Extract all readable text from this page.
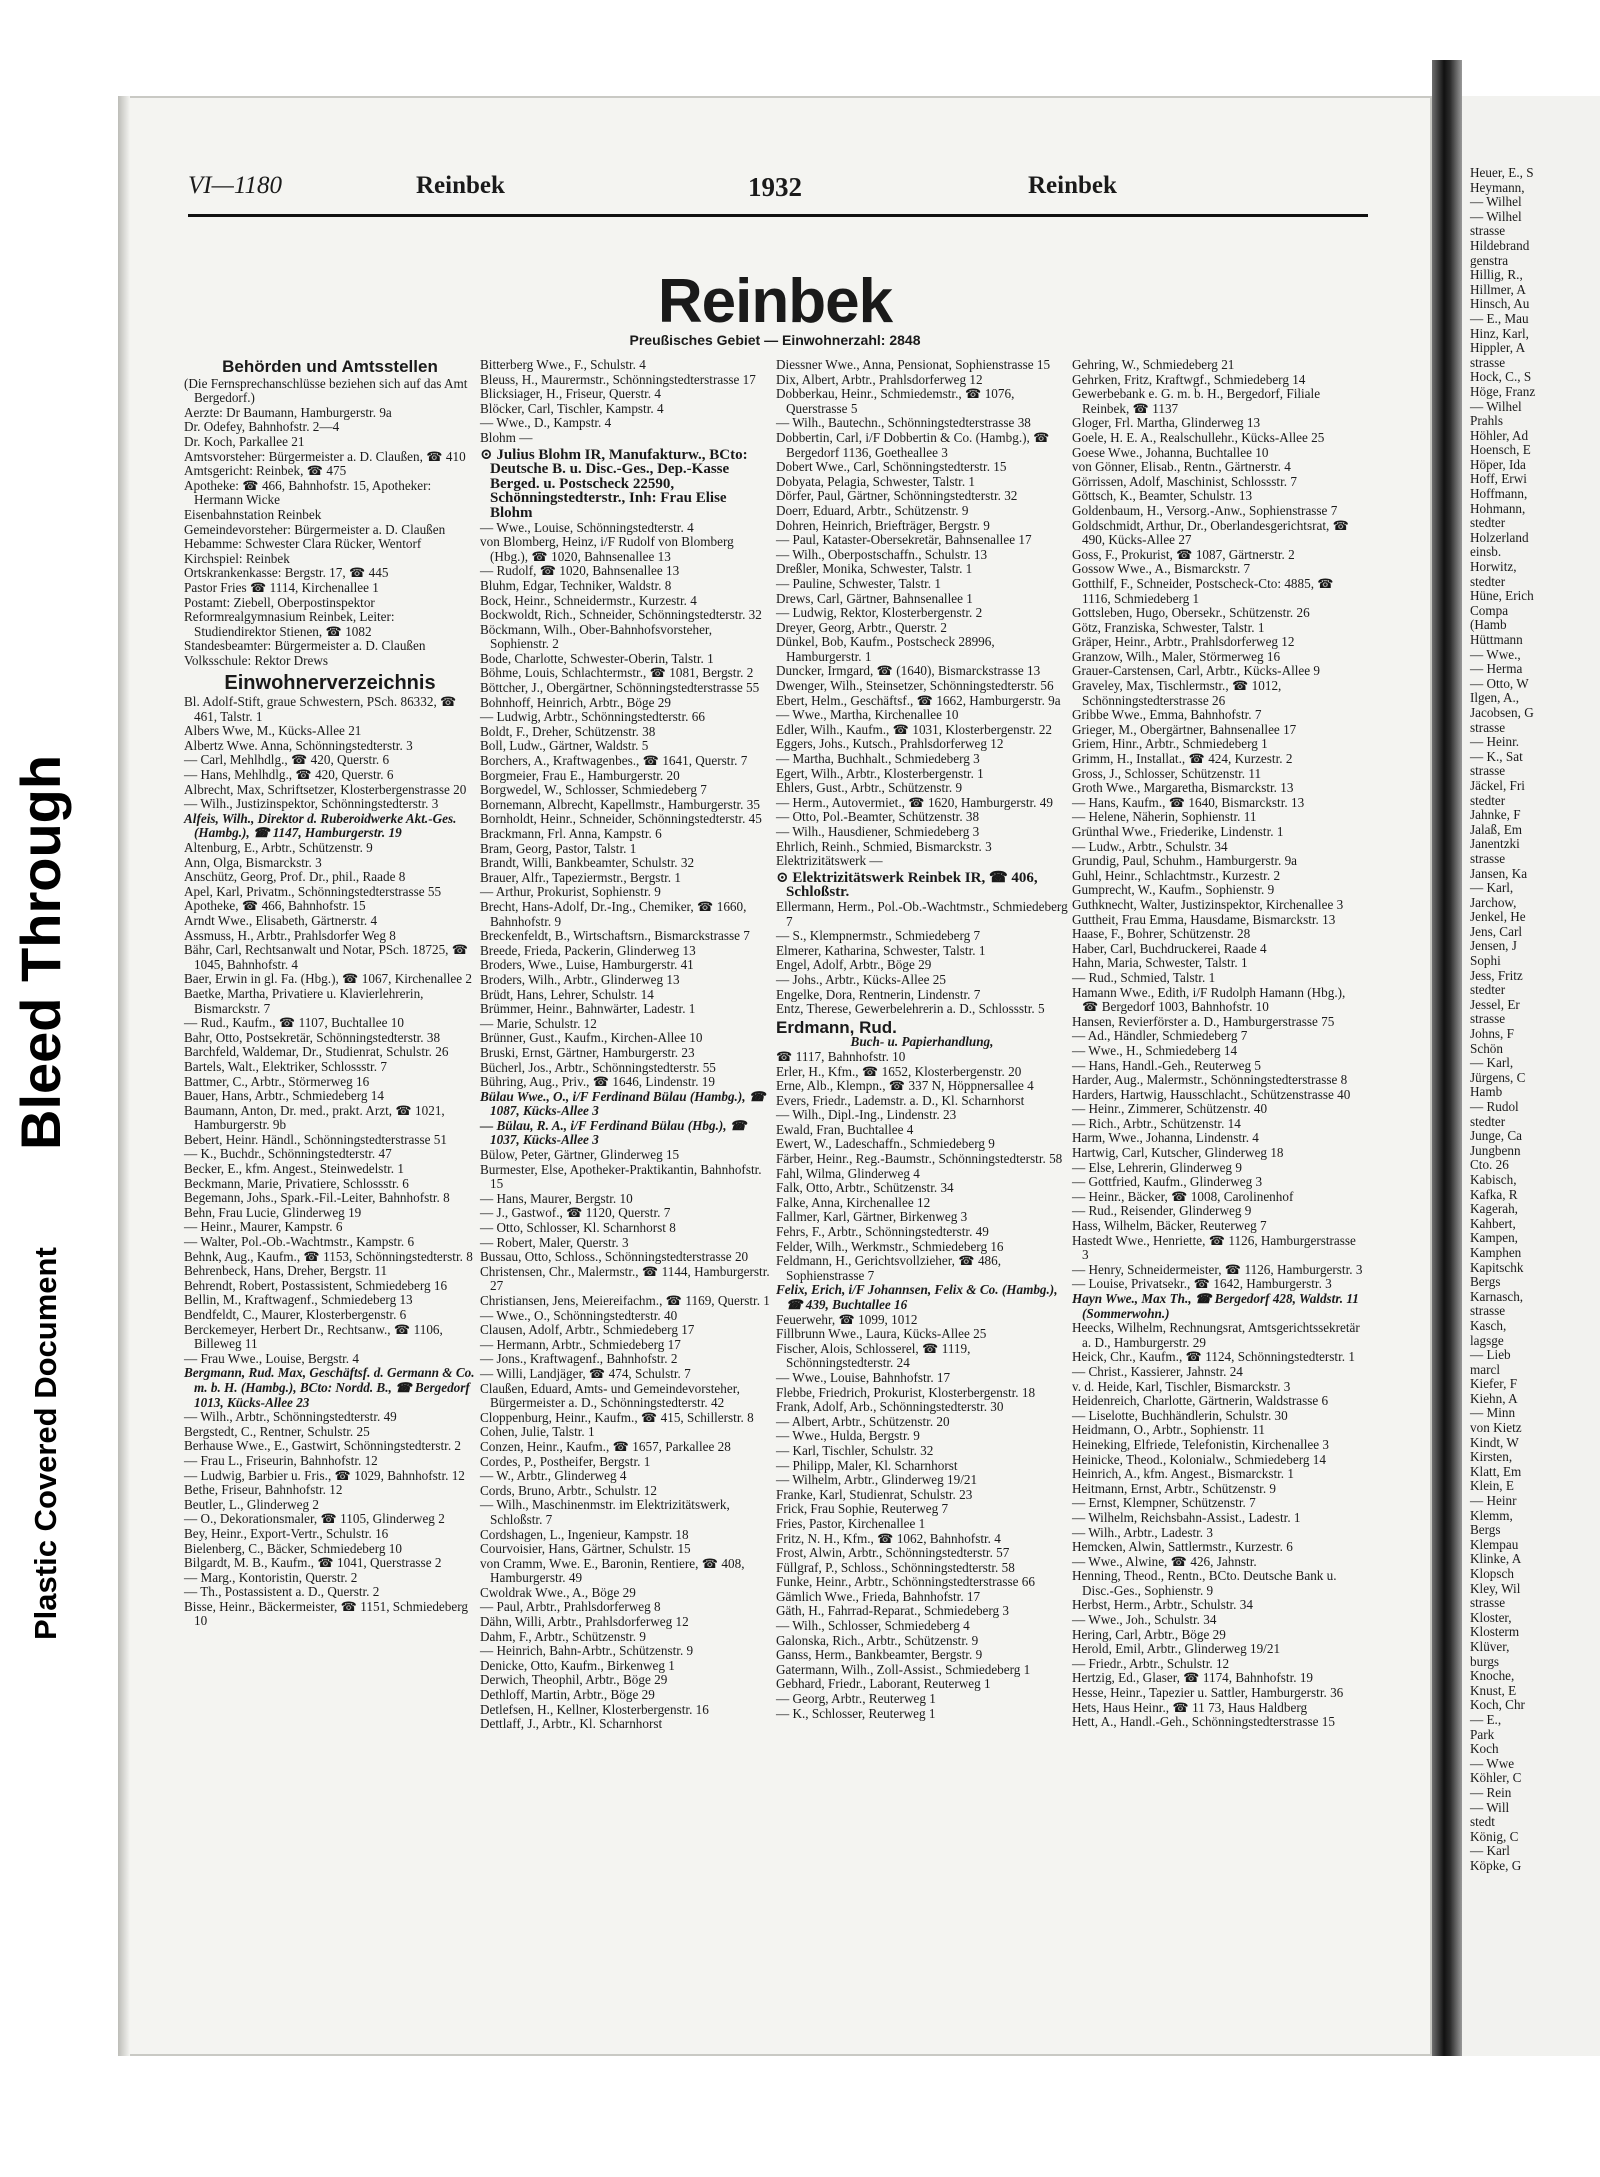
Bleed Through
Plastic Covered Document
VI—1180	Reinbek	1932	Reinbek
Reinbek
Preußisches Gebiet — Einwohnerzahl: 2848
Behörden und Amtsstellen

(Die Fernsprechanschlüsse beziehen sich auf das Amt Bergedorf.)

Aerzte: Dr Baumann, Hamburgerstr. 9a

Dr. Odefey, Bahnhofstr. 2—4

Dr. Koch, Parkallee 21

Amtsvorsteher: Bürgermeister a. D. Claußen, ☎ 410

Amtsgericht: Reinbek, ☎ 475

Apotheke: ☎ 466, Bahnhofstr. 15, Apotheker: Hermann Wicke

Eisenbahnstation Reinbek

Gemeindevorsteher: Bürgermeister a. D. Claußen

Hebamme: Schwester Clara Rücker, Wentorf

Kirchspiel: Reinbek

Ortskrankenkasse: Bergstr. 17, ☎ 445

Pastor Fries ☎ 1114, Kirchenallee 1

Postamt: Ziebell, Oberpostinspektor

Reformrealgymnasium Reinbek, Leiter: Studiendirektor Stienen, ☎ 1082

Standesbeamter: Bürgermeister a. D. Claußen

Volksschule: Rektor Drews

Einwohnerverzeichnis

Bl. Adolf-Stift, graue Schwestern, PSch. 86332, ☎ 461, Talstr. 1

Albers Wwe, M., Kücks-Allee 21

Albertz Wwe. Anna, Schönningstedterstr. 3

— Carl, Mehlhdlg., ☎ 420, Querstr. 6

— Hans, Mehlhdlg., ☎ 420, Querstr. 6

Albrecht, Max, Schriftsetzer, Klosterbergenstrasse 20

— Wilh., Justizinspektor, Schönningstedterstr. 3

Alfeis, Wilh., Direktor d. Ruberoidwerke Akt.-Ges. (Hambg.), ☎ 1147, Hamburgerstr. 19

Altenburg, E., Arbtr., Schützenstr. 9

Ann, Olga, Bismarckstr. 3

Anschütz, Georg, Prof. Dr., phil., Raade 8

Apel, Karl, Privatm., Schönningstedterstrasse 55

Apotheke, ☎ 466, Bahnhofstr. 15

Arndt Wwe., Elisabeth, Gärtnerstr. 4

Assmuss, H., Arbtr., Prahlsdorfer Weg 8

Bähr, Carl, Rechtsanwalt und Notar, PSch. 18725, ☎ 1045, Bahnhofstr. 4

Baer, Erwin in gl. Fa. (Hbg.), ☎ 1067, Kirchenallee 2

Baetke, Martha, Privatiere u. Klavierlehrerin, Bismarckstr. 7

— Rud., Kaufm., ☎ 1107, Buchtallee 10

Bahr, Otto, Postsekretär, Schönningstedterstr. 38

Barchfeld, Waldemar, Dr., Studienrat, Schulstr. 26

Bartels, Walt., Elektriker, Schlossstr. 7

Battmer, C., Arbtr., Störmerweg 16

Bauer, Hans, Arbtr., Schmiedeberg 14

Baumann, Anton, Dr. med., prakt. Arzt, ☎ 1021, Hamburgerstr. 9b

Bebert, Heinr. Händl., Schönningstedterstrasse 51

— K., Buchdr., Schönningstedterstr. 47

Becker, E., kfm. Angest., Steinwedelstr. 1

Beckmann, Marie, Privatiere, Schlossstr. 6

Begemann, Johs., Spark.-Fil.-Leiter, Bahnhofstr. 8

Behn, Frau Lucie, Glinderweg 19

— Heinr., Maurer, Kampstr. 6

— Walter, Pol.-Ob.-Wachtmstr., Kampstr. 6

Behnk, Aug., Kaufm., ☎ 1153, Schönningstedterstr. 8

Behrenbeck, Hans, Dreher, Bergstr. 11

Behrendt, Robert, Postassistent, Schmiedeberg 16

Bellin, M., Kraftwagenf., Schmiedeberg 13

Bendfeldt, C., Maurer, Klosterbergenstr. 6

Berckemeyer, Herbert Dr., Rechtsanw., ☎ 1106, Billeweg 11

— Frau Wwe., Louise, Bergstr. 4

Bergmann, Rud. Max, Geschäftsf. d. Germann & Co. m. b. H. (Hambg.), BCto: Nordd. B., ☎ Bergedorf 1013, Kücks-Allee 23

— Wilh., Arbtr., Schönningstedterstr. 49

Bergstedt, C., Rentner, Schulstr. 25

Berhause Wwe., E., Gastwirt, Schönningstedterstr. 2

— Frau L., Friseurin, Bahnhofstr. 12

— Ludwig, Barbier u. Fris., ☎ 1029, Bahnhofstr. 12

Bethe, Friseur, Bahnhofstr. 12

Beutler, L., Glinderweg 2

— O., Dekorationsmaler, ☎ 1105, Glinderweg 2

Bey, Heinr., Export-Vertr., Schulstr. 16

Bielenberg, C., Bäcker, Schmiedeberg 10

Bilgardt, M. B., Kaufm., ☎ 1041, Querstrasse 2

— Marg., Kontoristin, Querstr. 2

— Th., Postassistent a. D., Querstr. 2

Bisse, Heinr., Bäckermeister, ☎ 1151, Schmiedeberg 10

Bitterberg Wwe., F., Schulstr. 4

Bleuss, H., Maurermstr., Schönningstedterstrasse 17

Blicksiager, H., Friseur, Querstr. 4

Blöcker, Carl, Tischler, Kampstr. 4

— Wwe., D., Kampstr. 4

Blohm —

⊙ Julius Blohm IR, Manufakturw., BCto: Deutsche B. u. Disc.-Ges., Dep.-Kasse Berged. u. Postscheck 22590, Schönningstedterstr., Inh: Frau Elise Blohm

— Wwe., Louise, Schönningstedterstr. 4

von Blomberg, Heinz, i/F Rudolf von Blomberg (Hbg.), ☎ 1020, Bahnsenallee 13

— Rudolf, ☎ 1020, Bahnsenallee 13

Bluhm, Edgar, Techniker, Waldstr. 8

Bock, Heinr., Schneidermstr., Kurzestr. 4

Bockwoldt, Rich., Schneider, Schönningstedterstr. 32

Böckmann, Wilh., Ober-Bahnhofsvorsteher, Sophienstr. 2

Bode, Charlotte, Schwester-Oberin, Talstr. 1

Böhme, Louis, Schlachtermstr., ☎ 1081, Bergstr. 2

Böttcher, J., Obergärtner, Schönningstedterstrasse 55

Bohnhoff, Heinrich, Arbtr., Böge 29

— Ludwig, Arbtr., Schönningstedterstr. 66

Boldt, F., Dreher, Schützenstr. 38

Boll, Ludw., Gärtner, Waldstr. 5

Borchers, A., Kraftwagenbes., ☎ 1641, Querstr. 7

Borgmeier, Frau E., Hamburgerstr. 20

Borgwedel, W., Schlosser, Schmiedeberg 7

Bornemann, Albrecht, Kapellmstr., Hamburgerstr. 35

Bornholdt, Heinr., Schneider, Schönningstedterstr. 45

Brackmann, Frl. Anna, Kampstr. 6

Bram, Georg, Pastor, Talstr. 1

Brandt, Willi, Bankbeamter, Schulstr. 32

Brauer, Alfr., Tapeziermstr., Bergstr. 1

— Arthur, Prokurist, Sophienstr. 9

Brecht, Hans-Adolf, Dr.-Ing., Chemiker, ☎ 1660, Bahnhofstr. 9

Breckenfeldt, B., Wirtschaftsrn., Bismarckstrasse 7

Breede, Frieda, Packerin, Glinderweg 13

Broders, Wwe., Luise, Hamburgerstr. 41

Broders, Wilh., Arbtr., Glinderweg 13

Brüdt, Hans, Lehrer, Schulstr. 14

Brümmer, Heinr., Bahnwärter, Ladestr. 1

— Marie, Schulstr. 12

Brünner, Gust., Kaufm., Kirchen-Allee 10

Bruski, Ernst, Gärtner, Hamburgerstr. 23

Bücherl, Jos., Arbtr., Schönningstedterstr. 55

Bühring, Aug., Priv., ☎ 1646, Lindenstr. 19

Bülau Wwe., O., i/F Ferdinand Bülau (Hambg.), ☎ 1087, Kücks-Allee 3

— Bülau, R. A., i/F Ferdinand Bülau (Hbg.), ☎ 1037, Kücks-Allee 3

Bülow, Peter, Gärtner, Glinderweg 15

Burmester, Else, Apotheker-Praktikantin, Bahnhofstr. 15

— Hans, Maurer, Bergstr. 10

— J., Gastwof., ☎ 1120, Querstr. 7

— Otto, Schlosser, Kl. Scharnhorst 8

— Robert, Maler, Querstr. 3

Bussau, Otto, Schloss., Schönningstedterstrasse 20

Christensen, Chr., Malermstr., ☎ 1144, Hamburgerstr. 27

Christiansen, Jens, Meiereifachm., ☎ 1169, Querstr. 1

— Wwe., O., Schönningstedterstr. 40

Clausen, Adolf, Arbtr., Schmiedeberg 17

— Hermann, Arbtr., Schmiedeberg 17

— Jons., Kraftwagenf., Bahnhofstr. 2

— Willi, Landjäger, ☎ 474, Schulstr. 7

Claußen, Eduard, Amts- und Gemeindevorsteher, Bürgermeister a. D., Schönningstedterstr. 42

Cloppenburg, Heinr., Kaufm., ☎ 415, Schillerstr. 8

Cohen, Julie, Talstr. 1

Conzen, Heinr., Kaufm., ☎ 1657, Parkallee 28

Cordes, P., Postheifer, Bergstr. 1

— W., Arbtr., Glinderweg 4

Cords, Bruno, Arbtr., Schulstr. 12

— Wilh., Maschinenmstr. im Elektrizitätswerk, Schloßstr. 7

Cordshagen, L., Ingenieur, Kampstr. 18

Courvoisier, Hans, Gärtner, Schulstr. 15

von Cramm, Wwe. E., Baronin, Rentiere, ☎ 408, Hamburgerstr. 49

Cwoldrak Wwe., A., Böge 29

— Paul, Arbtr., Prahlsdorferweg 8

Dähn, Willi, Arbtr., Prahlsdorferweg 12

Dahm, F., Arbtr., Schützenstr. 9

— Heinrich, Bahn-Arbtr., Schützenstr. 9

Denicke, Otto, Kaufm., Birkenweg 1

Derwich, Theophil, Arbtr., Böge 29

Dethloff, Martin, Arbtr., Böge 29

Detlefsen, H., Kellner, Klosterbergenstr. 16

Dettlaff, J., Arbtr., Kl. Scharnhorst

Diessner Wwe., Anna, Pensionat, Sophienstrasse 15

Dix, Albert, Arbtr., Prahlsdorferweg 12

Dobberkau, Heinr., Schmiedemstr., ☎ 1076, Querstrasse 5

— Wilh., Bautechn., Schönningstedterstrasse 38

Dobbertin, Carl, i/F Dobbertin & Co. (Hambg.), ☎ Bergedorf 1136, Goetheallee 3

Dobert Wwe., Carl, Schönningstedterstr. 15

Dobyata, Pelagia, Schwester, Talstr. 1

Dörfer, Paul, Gärtner, Schönningstedterstr. 32

Doerr, Eduard, Arbtr., Schützenstr. 9

Dohren, Heinrich, Briefträger, Bergstr. 9

— Paul, Kataster-Obersekretär, Bahnsenallee 17

— Wilh., Oberpostschaffn., Schulstr. 13

Dreßler, Monika, Schwester, Talstr. 1

— Pauline, Schwester, Talstr. 1

Drews, Carl, Gärtner, Bahnsenallee 1

— Ludwig, Rektor, Klosterbergenstr. 2

Dreyer, Georg, Arbtr., Querstr. 2

Dünkel, Bob, Kaufm., Postscheck 28996, Hamburgerstr. 1

Duncker, Irmgard, ☎ (1640), Bismarckstrasse 13

Dwenger, Wilh., Steinsetzer, Schönningstedterstr. 56

Ebert, Helm., Geschäftsf., ☎ 1662, Hamburgerstr. 9a

— Wwe., Martha, Kirchenallee 10

Edler, Wilh., Kaufm., ☎ 1031, Klosterbergenstr. 22

Eggers, Johs., Kutsch., Prahlsdorferweg 12

— Martha, Buchhalt., Schmiedeberg 3

Egert, Wilh., Arbtr., Klosterbergenstr. 1

Ehlers, Gust., Arbtr., Schützenstr. 9

— Herm., Autovermiet., ☎ 1620, Hamburgerstr. 49

— Otto, Pol.-Beamter, Schützenstr. 38

— Wilh., Hausdiener, Schmiedeberg 3

Ehrlich, Reinh., Schmied, Bismarckstr. 3

Elektrizitätswerk —

⊙ Elektrizitätswerk Reinbek IR, ☎ 406, Schloßstr.

Ellermann, Herm., Pol.-Ob.-Wachtmstr., Schmiedeberg 7

— S., Klempnermstr., Schmiedeberg 7

Elmerer, Katharina, Schwester, Talstr. 1

Engel, Adolf, Arbtr., Böge 29

— Johs., Arbtr., Kücks-Allee 25

Engelke, Dora, Rentnerin, Lindenstr. 7

Entz, Therese, Gewerbelehrerin a. D., Schlossstr. 5

Erdmann, Rud.

Buch- u. Papierhandlung,

☎ 1117, Bahnhofstr. 10

Erler, H., Kfm., ☎ 1652, Klosterbergenstr. 20

Erne, Alb., Klempn., ☎ 337 N, Höppnersallee 4

Evers, Friedr., Lademstr. a. D., Kl. Scharnhorst

— Wilh., Dipl.-Ing., Lindenstr. 23

Ewald, Fran, Buchtallee 4

Ewert, W., Ladeschaffn., Schmiedeberg 9

Färber, Heinr., Reg.-Baumstr., Schönningstedterstr. 58

Fahl, Wilma, Glinderweg 4

Falk, Otto, Arbtr., Schützenstr. 34

Falke, Anna, Kirchenallee 12

Fallmer, Karl, Gärtner, Birkenweg 3

Fehrs, F., Arbtr., Schönningstedterstr. 49

Felder, Wilh., Werkmstr., Schmiedeberg 16

Feldmann, H., Gerichtsvollzieher, ☎ 486, Sophienstrasse 7

Felix, Erich, i/F Johannsen, Felix & Co. (Hambg.), ☎ 439, Buchtallee 16

Feuerwehr, ☎ 1099, 1012

Fillbrunn Wwe., Laura, Kücks-Allee 25

Fischer, Alois, Schlosserel, ☎ 1119, Schönningstedterstr. 24

— Wwe., Louise, Bahnhofstr. 17

Flebbe, Friedrich, Prokurist, Klosterbergenstr. 18

Frank, Adolf, Arb., Schönningstedterstr. 30

— Albert, Arbtr., Schützenstr. 20

— Wwe., Hulda, Bergstr. 9

— Karl, Tischler, Schulstr. 32

— Philipp, Maler, Kl. Scharnhorst

— Wilhelm, Arbtr., Glinderweg 19/21

Franke, Karl, Studienrat, Schulstr. 23

Frick, Frau Sophie, Reuterweg 7

Fries, Pastor, Kirchenallee 1

Fritz, N. H., Kfm., ☎ 1062, Bahnhofstr. 4

Frost, Alwin, Arbtr., Schönningstedterstr. 57

Füllgraf, P., Schloss., Schönningstedterstr. 58

Funke, Heinr., Arbtr., Schönningstedterstrasse 66

Gämlich Wwe., Frieda, Bahnhofstr. 17

Gäth, H., Fahrrad-Reparat., Schmiedeberg 3

— Wilh., Schlosser, Schmiedeberg 4

Galonska, Rich., Arbtr., Schützenstr. 9

Ganss, Herm., Bankbeamter, Bergstr. 9

Gatermann, Wilh., Zoll-Assist., Schmiedeberg 1

Gebhard, Friedr., Laborant, Reuterweg 1

— Georg, Arbtr., Reuterweg 1

— K., Schlosser, Reuterweg 1

Gehring, W., Schmiedeberg 21

Gehrken, Fritz, Kraftwgf., Schmiedeberg 14

Gewerbebank e. G. m. b. H., Bergedorf, Filiale Reinbek, ☎ 1137

Gloger, Frl. Martha, Glinderweg 13

Goele, H. E. A., Realschullehr., Kücks-Allee 25

Goese Wwe., Johanna, Buchtallee 10

von Gönner, Elisab., Rentn., Gärtnerstr. 4

Görrissen, Adolf, Maschinist, Schlossstr. 7

Göttsch, K., Beamter, Schulstr. 13

Goldenbaum, H., Versorg.-Anw., Sophienstrasse 7

Goldschmidt, Arthur, Dr., Oberlandesgerichtsrat, ☎ 490, Kücks-Allee 27

Goss, F., Prokurist, ☎ 1087, Gärtnerstr. 2

Gossow Wwe., A., Bismarckstr. 7

Gotthilf, F., Schneider, Postscheck-Cto: 4885, ☎ 1116, Schmiedeberg 1

Gottsleben, Hugo, Obersekr., Schützenstr. 26

Götz, Franziska, Schwester, Talstr. 1

Gräper, Heinr., Arbtr., Prahlsdorferweg 12

Granzow, Wilh., Maler, Störmerweg 16

Grauer-Carstensen, Carl, Arbtr., Kücks-Allee 9

Graveley, Max, Tischlermstr., ☎ 1012, Schönningstedterstrasse 26

Gribbe Wwe., Emma, Bahnhofstr. 7

Grieger, M., Obergärtner, Bahnsenallee 17

Griem, Hinr., Arbtr., Schmiedeberg 1

Grimm, H., Installat., ☎ 424, Kurzestr. 2

Gross, J., Schlosser, Schützenstr. 11

Groth Wwe., Margaretha, Bismarckstr. 13

— Hans, Kaufm., ☎ 1640, Bismarckstr. 13

— Helene, Näherin, Sophienstr. 11

Grünthal Wwe., Friederike, Lindenstr. 1

— Ludw., Arbtr., Schulstr. 34

Grundig, Paul, Schuhm., Hamburgerstr. 9a

Guhl, Heinr., Schlachtmstr., Kurzestr. 2

Gumprecht, W., Kaufm., Sophienstr. 9

Guthknecht, Walter, Justizinspektor, Kirchenallee 3

Guttheit, Frau Emma, Hausdame, Bismarckstr. 13

Haase, F., Bohrer, Schützenstr. 28

Haber, Carl, Buchdruckerei, Raade 4

Hahn, Maria, Schwester, Talstr. 1

— Rud., Schmied, Talstr. 1

Hamann Wwe., Edith, i/F Rudolph Hamann (Hbg.), ☎ Bergedorf 1003, Bahnhofstr. 10

Hansen, Revierförster a. D., Hamburgerstrasse 75

— Ad., Händler, Schmiedeberg 7

— Wwe., H., Schmiedeberg 14

— Hans, Handl.-Geh., Reuterweg 5

Harder, Aug., Malermstr., Schönningstedterstrasse 8

Harders, Hartwig, Hausschlacht., Schützenstrasse 40

— Heinr., Zimmerer, Schützenstr. 40

— Rich., Arbtr., Schützenstr. 14

Harm, Wwe., Johanna, Lindenstr. 4

Hartwig, Carl, Kutscher, Glinderweg 18

— Else, Lehrerin, Glinderweg 9

— Gottfried, Kaufm., Glinderweg 3

— Heinr., Bäcker, ☎ 1008, Carolinenhof

— Rud., Reisender, Glinderweg 9

Hass, Wilhelm, Bäcker, Reuterweg 7

Hastedt Wwe., Henriette, ☎ 1126, Hamburgerstrasse 3

— Henry, Schneidermeister, ☎ 1126, Hamburgerstr. 3

— Louise, Privatsekr., ☎ 1642, Hamburgerstr. 3

Hayn Wwe., Max Th., ☎ Bergedorf 428, Waldstr. 11 (Sommerwohn.)

Heecks, Wilhelm, Rechnungsrat, Amtsgerichtssekretär a. D., Hamburgerstr. 29

Heick, Chr., Kaufm., ☎ 1124, Schönningstedterstr. 1

— Christ., Kassierer, Jahnstr. 24

v. d. Heide, Karl, Tischler, Bismarckstr. 3

Heidenreich, Charlotte, Gärtnerin, Waldstrasse 6

— Liselotte, Buchhändlerin, Schulstr. 30

Heidmann, O., Arbtr., Sophienstr. 11

Heineking, Elfriede, Telefonistin, Kirchenallee 3

Heinicke, Theod., Kolonialw., Schmiedeberg 14

Heinrich, A., kfm. Angest., Bismarckstr. 1

Heitmann, Ernst, Arbtr., Schützenstr. 9

— Ernst, Klempner, Schützenstr. 7

— Wilhelm, Reichsbahn-Assist., Ladestr. 1

— Wilh., Arbtr., Ladestr. 3

Hemcken, Alwin, Sattlermstr., Kurzestr. 6

— Wwe., Alwine, ☎ 426, Jahnstr.

Henning, Theod., Rentn., BCto. Deutsche Bank u. Disc.-Ges., Sophienstr. 9

Herbst, Herm., Arbtr., Schulstr. 34

— Wwe., Joh., Schulstr. 34

Hering, Carl, Arbtr., Böge 29

Herold, Emil, Arbtr., Glinderweg 19/21

— Friedr., Arbtr., Schulstr. 12

Hertzig, Ed., Glaser, ☎ 1174, Bahnhofstr. 19

Hesse, Heinr., Tapezier u. Sattler, Hamburgerstr. 36

Hets, Haus Heinr., ☎ 11 73, Haus Haldberg

Hett, A., Handl.-Geh., Schönningstedterstrasse 15

Heuer, E., S

Heymann,

— Wilhel

— Wilhel

strasse

Hildebrand

genstra

Hillig, R.,

Hillmer, A

Hinsch, Au

— E., Mau

Hinz, Karl,

Hippler, A

strasse

Hock, C., S

Höge, Franz

— Wilhel

Prahls

Höhler, Ad

Hoensch, E

Höper, Ida

Hoff, Erwi

Hoffmann,

Hohmann,

stedter

Holzerland

einsb.

Horwitz,

stedter

Hüne, Erich

Compa

(Hamb

Hüttmann

— Wwe.,

— Herma

— Otto, W

Ilgen, A.,

Jacobsen, G

strasse

— Heinr.

— K., Sat

strasse

Jäckel, Fri

stedter

Jahnke, F

Jalaß, Em

Janentzki

strasse

Jansen, Ka

— Karl,

Jarchow,

Jenkel, He

Jens, Carl

Jensen, J

Sophi

Jess, Fritz

stedter

Jessel, Er

strasse

Johns, F

Schön

— Karl,

Jürgens, C

Hamb

— Rudol

stedter

Junge, Ca

Jungbenn

Cto. 26

Kabisch,

Kafka, R

Kagerah,

Kahbert,

Kampen,

Kamphen

Kapitschk

Bergs

Karnasch,

strasse

Kasch,

lagsge

— Lieb

marcl

Kiefer, F

Kiehn, A

— Minn

von Kietz

Kindt, W

Kirsten,

Klatt, Em

Klein, E

— Heinr

Klemm,

Bergs

Klempau

Klinke, A

Klopsch

Kley, Wil

strasse

Kloster,

Klosterm

Klüver,

burgs

Knoche,

Knust, E

Koch, Chr

— E.,

Park

Koch

— Wwe

Köhler, C

— Rein

— Will

stedt

König, C

— Karl

Köpke, G
